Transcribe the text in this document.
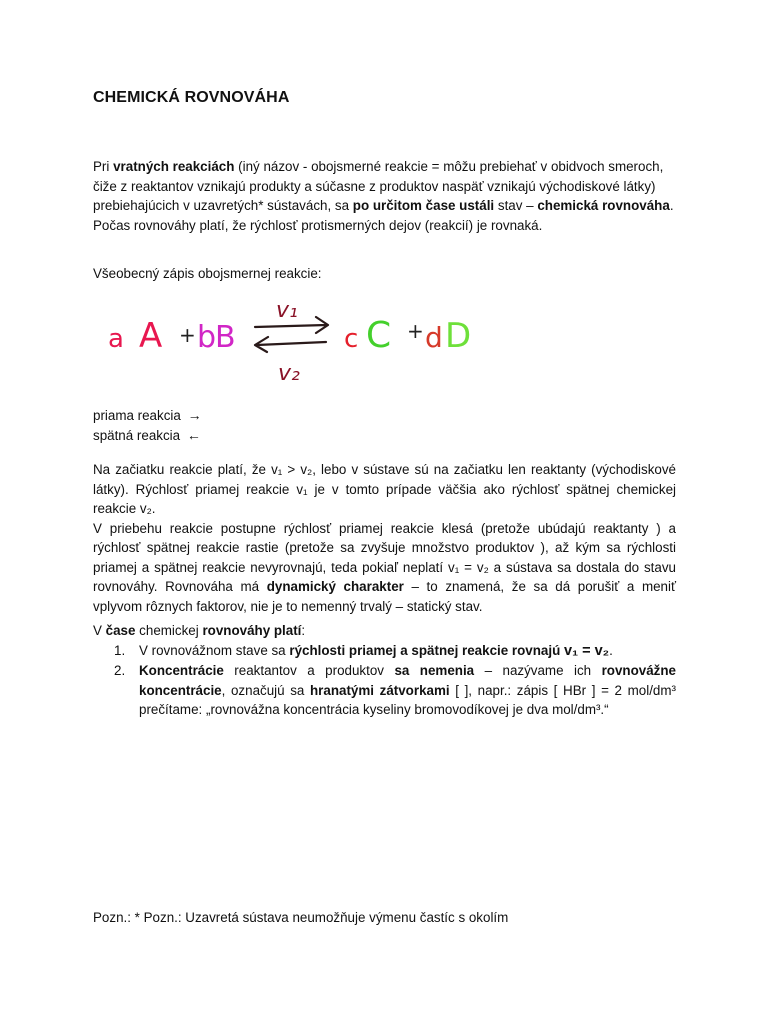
CHEMICKÁ ROVNOVÁHA

Pri vratných reakciách (iný názov - obojsmerné reakcie = môžu prebiehať v obidvoch smeroch, čiže z reaktantov vznikajú produkty a súčasne z produktov naspäť vznikajú východiskové látky) prebiehajúcich v uzavretých* sústavách, sa po určitom čase ustáli stav – chemická rovnováha. Počas rovnováhy platí, že rýchlosť protismerných dejov (reakcií) je rovnaká.

Všeobecný zápis obojsmernej reakcie:

a A + b
B
v₁
v₂
c C + d D
priama reakcia →
spätná reakcia ←
Na začiatku reakcie platí, že v₁ > v₂, lebo v sústave sú na začiatku len reaktanty (východiskové látky). Rýchlosť priamej reakcie v₁ je v tomto prípade väčšia ako rýchlosť spätnej chemickej reakcie v₂.
V priebehu reakcie postupne rýchlosť priamej reakcie klesá (pretože ubúdajú reaktanty ) a rýchlosť spätnej reakcie rastie (pretože sa zvyšuje množstvo produktov ), až kým sa rýchlosti priamej a spätnej reakcie nevyrovnajú, teda pokiaľ neplatí v₁ = v₂ a sústava sa dostala do stavu rovnováhy. Rovnováha má dynamický charakter – to znamená, že sa dá porušiť a meniť vplyvom rôznych faktorov, nie je to nemenný trvalý – statický stav.
V čase chemickej rovnováhy platí:
1. V rovnovážnom stave sa rýchlosti priamej a spätnej reakcie rovnajú v₁ = v₂.
2. Koncentrácie reaktantov a produktov sa nemenia – nazývame ich rovnovážne koncentrácie, označujú sa hranatými zátvorkami [ ], napr.: zápis [ HBr ] = 2 mol/dm³ prečítame: „rovnovážna koncentrácia kyseliny bromovodíkovej je dva mol/dm³.“
Pozn.: * Pozn.: Uzavretá sústava neumožňuje výmenu častíc s okolím
